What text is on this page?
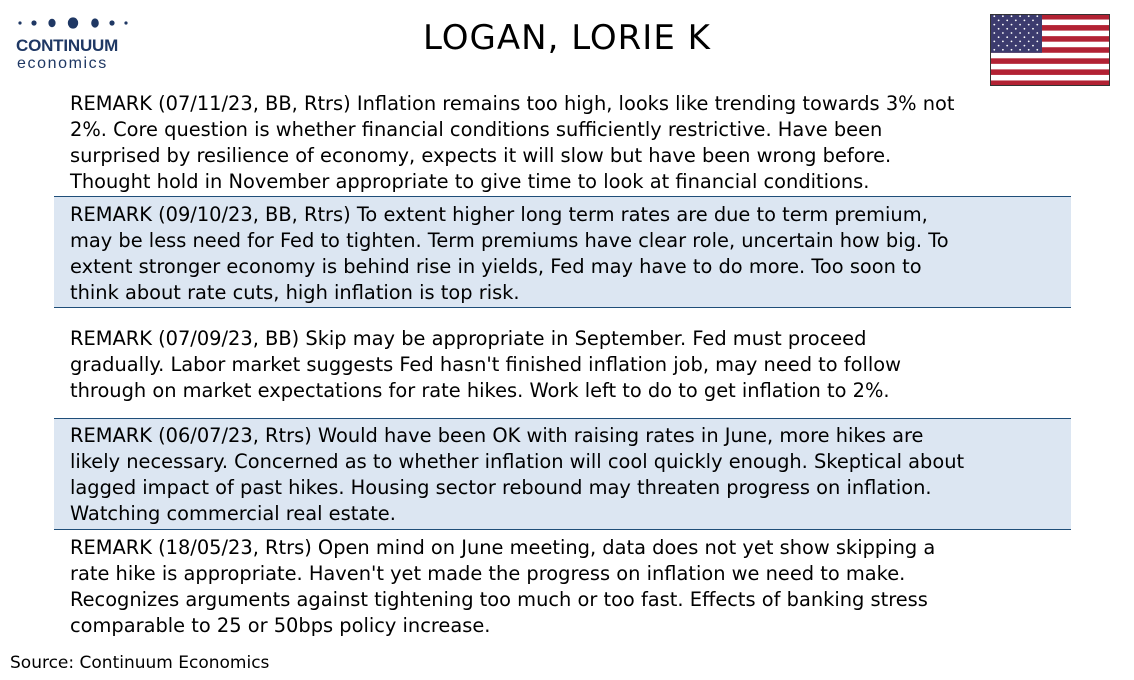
CONTINUUM
economics
LOGAN, LORIE K
REMARK (07/11/23, BB, Rtrs) Inflation remains too high, looks like trending towards 3% not
2%. Core question is whether financial conditions sufficiently restrictive. Have been
surprised by resilience of economy, expects it will slow but have been wrong before.
Thought hold in November appropriate to give time to look at financial conditions.
REMARK (09/10/23, BB, Rtrs) To extent higher long term rates are due to term premium,
may be less need for Fed to tighten. Term premiums have clear role, uncertain how big. To
extent stronger economy is behind rise in yields, Fed may have to do more. Too soon to
think about rate cuts, high inflation is top risk.
REMARK (07/09/23, BB) Skip may be appropriate in September. Fed must proceed
gradually. Labor market suggests Fed hasn't finished inflation job, may need to follow
through on market expectations for rate hikes. Work left to do to get inflation to 2%.
REMARK (06/07/23, Rtrs) Would have been OK with raising rates in June, more hikes are
likely necessary. Concerned as to whether inflation will cool quickly enough. Skeptical about
lagged impact of past hikes. Housing sector rebound may threaten progress on inflation.
Watching commercial real estate.
REMARK (18/05/23, Rtrs) Open mind on June meeting, data does not yet show skipping a
rate hike is appropriate. Haven't yet made the progress on inflation we need to make.
Recognizes arguments against tightening too much or too fast. Effects of banking stress
comparable to 25 or 50bps policy increase.
Source: Continuum Economics
